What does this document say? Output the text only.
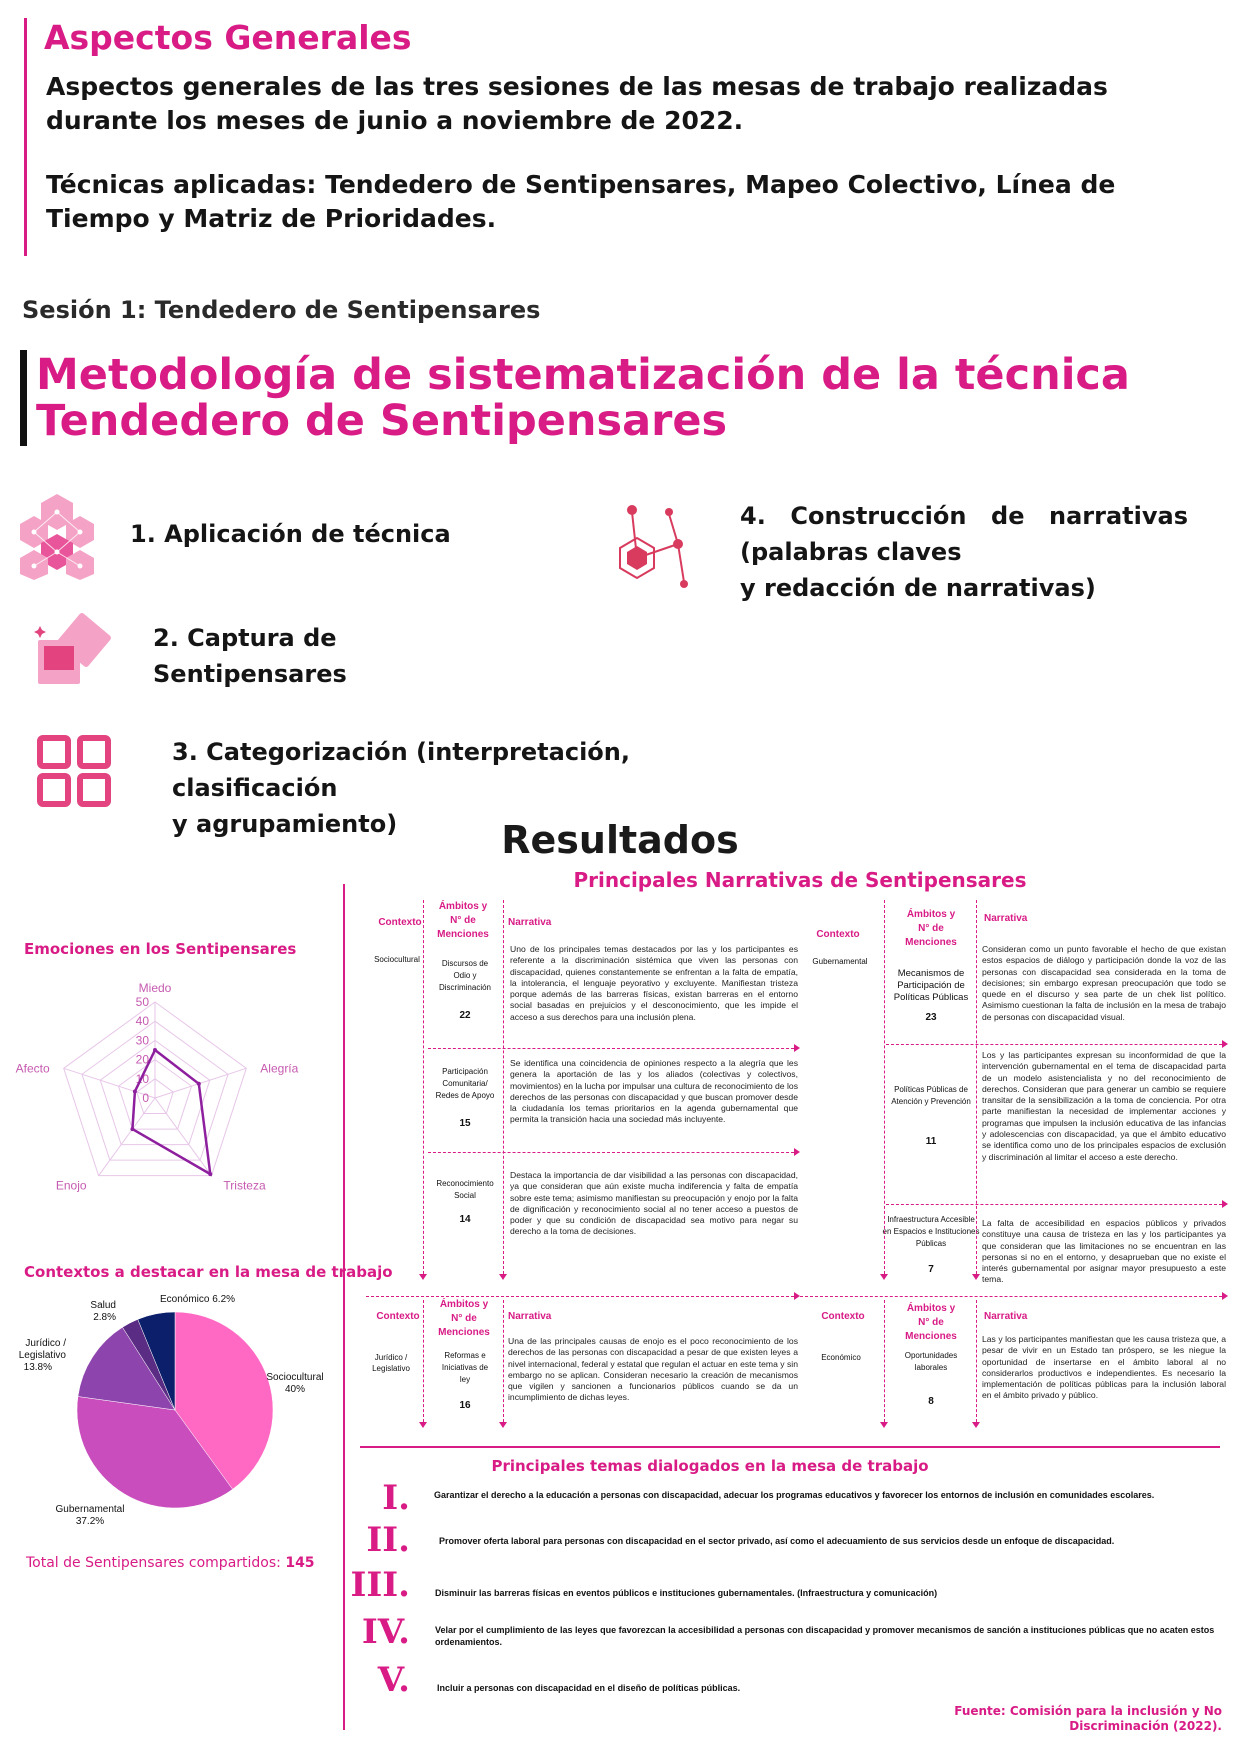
Aspectos Generales
Aspectos generales de las tres sesiones de las mesas de trabajo realizadas durante los meses de junio a noviembre de 2022.
Técnicas aplicadas: Tendedero de Sentipensares, Mapeo Colectivo, Línea de Tiempo y Matriz de Prioridades.
Sesión 1: Tendedero de Sentipensares
Metodología de sistematización de la técnica
Tendedero de Sentipensares
1. Aplicación de técnica
2. Captura de
Sentipensares
3. Categorización (interpretación, clasificación
y agrupamiento)
4. Construcción de narrativas
(palabras claves
y redacción de narrativas)
Resultados
Principales Narrativas de Sentipensares
Emociones en los Sentipensares
0
10
20
30
40
50
Miedo
Alegría
Tristeza
Enojo
Afecto
Contextos a destacar en la mesa de trabajo
Económico 6.2%
Salud
2.8%
Jurídico /
Legislativo
13.8%
Sociocultural
40%
Gubernamental
37.2%
Total de Sentipensares compartidos: 145
Contexto
Ámbitos y
N° de
Menciones
Narrativa
Sociocultural	Discursos de Odio y Discriminación
22
Uno de los principales temas destacados por las y los participantes es referente a la discriminación sistémica que viven las personas con discapacidad, quienes constantemente se enfrentan a la falta de empatía, la intolerancia, el lenguaje peyorativo y excluyente. Manifiestan tristeza porque además de las barreras físicas, existan barreras en el entorno social basadas en prejuicios y el desconocimiento, que les impide el acceso a sus derechos para una inclusión plena.
Participación Comunitaria/ Redes de Apoyo
15
Se identifica una coincidencia de opiniones respecto a la alegría que les genera la aportación de las y los aliados (colectivas y colectivos, movimientos) en la lucha por impulsar una cultura de reconocimiento de los derechos de las personas con discapacidad y que buscan promover desde la ciudadanía los temas prioritarios en la agenda gubernamental que permita la transición hacia una sociedad más incluyente.
Reconocimiento Social
14
Destaca la importancia de dar visibilidad a las personas con discapacidad, ya que consideran que aún existe mucha indiferencia y falta de empatía sobre este tema; asimismo manifiestan su preocupación y enojo por la falta de dignificación y reconocimiento social al no tener acceso a puestos de poder y que su condición de discapacidad sea motivo para negar su derecho a la toma de decisiones.
Contexto
Ámbitos y
N° de
Menciones
Narrativa
Gubernamental
Mecanismos de Participación de Políticas Públicas
23
Consideran como un punto favorable el hecho de que existan estos espacios de diálogo y participación donde la voz de las personas con discapacidad sea considerada en la toma de decisiones; sin embargo expresan preocupación que todo se quede en el discurso y sea parte de un chek list político. Asimismo cuestionan la falta de inclusión en la mesa de trabajo de personas con discapacidad visual.
Políticas Públicas de Atención y Prevención
11
Los y las participantes expresan su inconformidad de que la intervención gubernamental en el tema de discapacidad parta de un modelo asistencialista y no del reconocimiento de derechos. Consideran que para generar un cambio se requiere transitar de la sensibilización a la toma de conciencia. Por otra parte manifiestan la necesidad de implementar acciones y programas que impulsen la inclusión educativa de las infancias y adolescencias con discapacidad, ya que el ámbito educativo se identifica como uno de los principales espacios de exclusión y discriminación al limitar el acceso a este derecho.
Infraestructura Accesible en Espacios e Instituciones Públicas
7
La falta de accesibilidad en espacios públicos y privados constituye una causa de tristeza en las y los participantes ya que consideran que las limitaciones no se encuentran en las personas si no en el entorno, y desaprueban que no existe el interés gubernamental por asignar mayor presupuesto a este tema.
Contexto
Ámbitos y
N° de
Menciones
Narrativa
Jurídico / Legislativo
Reformas e Iniciativas de ley
16
Una de las principales causas de enojo es el poco reconocimiento de los derechos de las personas con discapacidad a pesar de que existen leyes a nivel internacional, federal y estatal que regulan el actuar en este tema y sin embargo no se aplican. Consideran necesario la creación de mecanismos que vigilen y sancionen a funcionarios públicos cuando se da un incumplimiento de dichas leyes.
Contexto
Ámbitos y
N° de
Menciones
Narrativa
Económico	Oportunidades laborales
8
Las y los participantes manifiestan que les causa tristeza que, a pesar de vivir en un Estado tan próspero, se les niegue la oportunidad de insertarse en el ámbito laboral al no considerarlos productivos e independientes. Es necesario la implementación de políticas públicas para la inclusión laboral en el ámbito privado y público.
Principales temas dialogados en la mesa de trabajo
I.	Garantizar el derecho a la educación a personas con discapacidad, adecuar los programas educativos y favorecer los entornos de inclusión en comunidades escolares.
II.	Promover oferta laboral para personas con discapacidad en el sector privado, así como el adecuamiento de sus servicios desde un enfoque de discapacidad.
III.	Disminuir las barreras físicas en eventos públicos e instituciones gubernamentales. (Infraestructura y comunicación)
IV.	Velar por el cumplimiento de las leyes que favorezcan la accesibilidad a personas con discapacidad y promover mecanismos de sanción a instituciones públicas que no acaten estos ordenamientos.
V.	Incluir a personas con discapacidad en el diseño de políticas públicas.
Fuente: Comisión para la inclusión y No Discriminación (2022).
